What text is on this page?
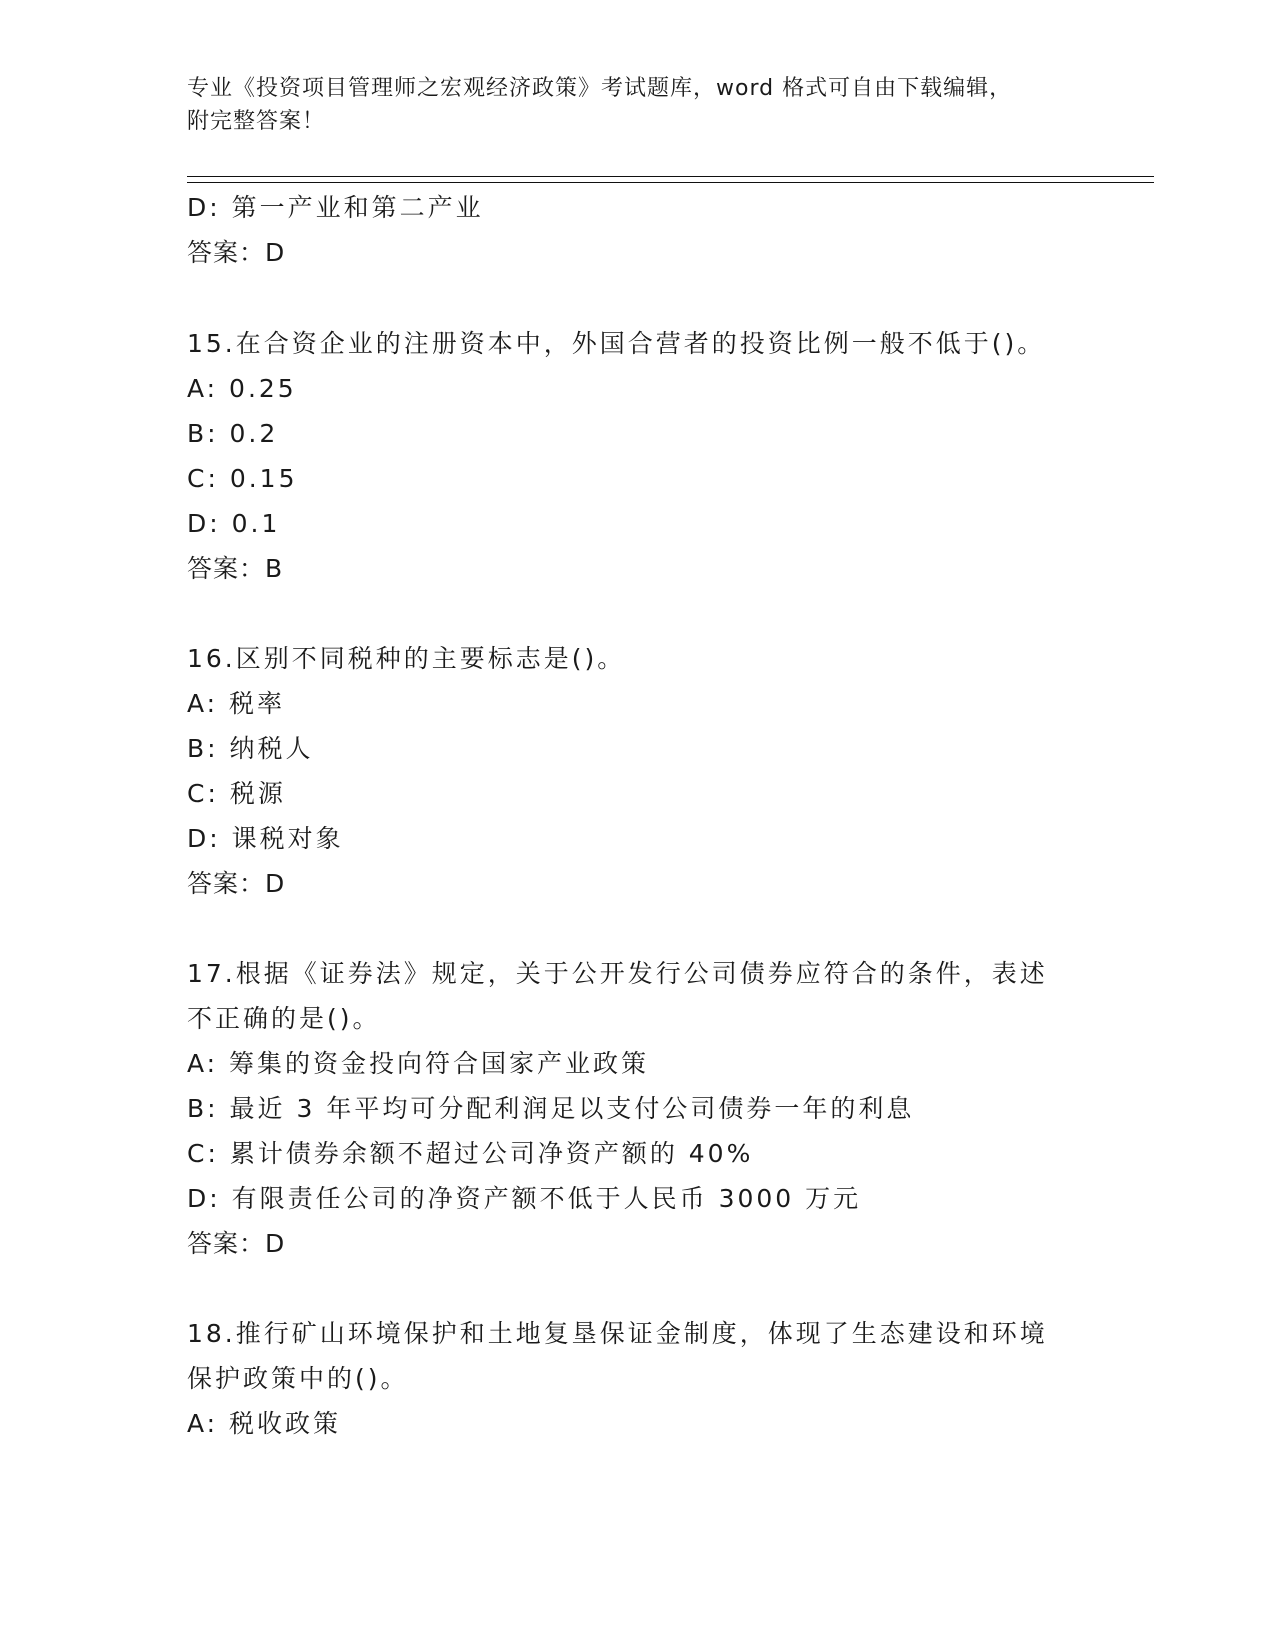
专业《投资项目管理师之宏观经济政策》考试题库，word 格式可自由下载编辑，
附完整答案！
D: 第一产业和第二产业
答案：D
15.在合资企业的注册资本中，外国合营者的投资比例一般不低于()。
A: 0.25
B: 0.2
C: 0.15
D: 0.1
答案：B
16.区别不同税种的主要标志是()。
A: 税率
B: 纳税人
C: 税源
D: 课税对象
答案：D
17.根据《证券法》规定，关于公开发行公司债券应符合的条件，表述
不正确的是()。
A: 筹集的资金投向符合国家产业政策
B: 最近 3 年平均可分配利润足以支付公司债券一年的利息
C: 累计债券余额不超过公司净资产额的 40%
D: 有限责任公司的净资产额不低于人民币 3000 万元
答案：D
18.推行矿山环境保护和土地复垦保证金制度，体现了生态建设和环境
保护政策中的()。
A: 税收政策
